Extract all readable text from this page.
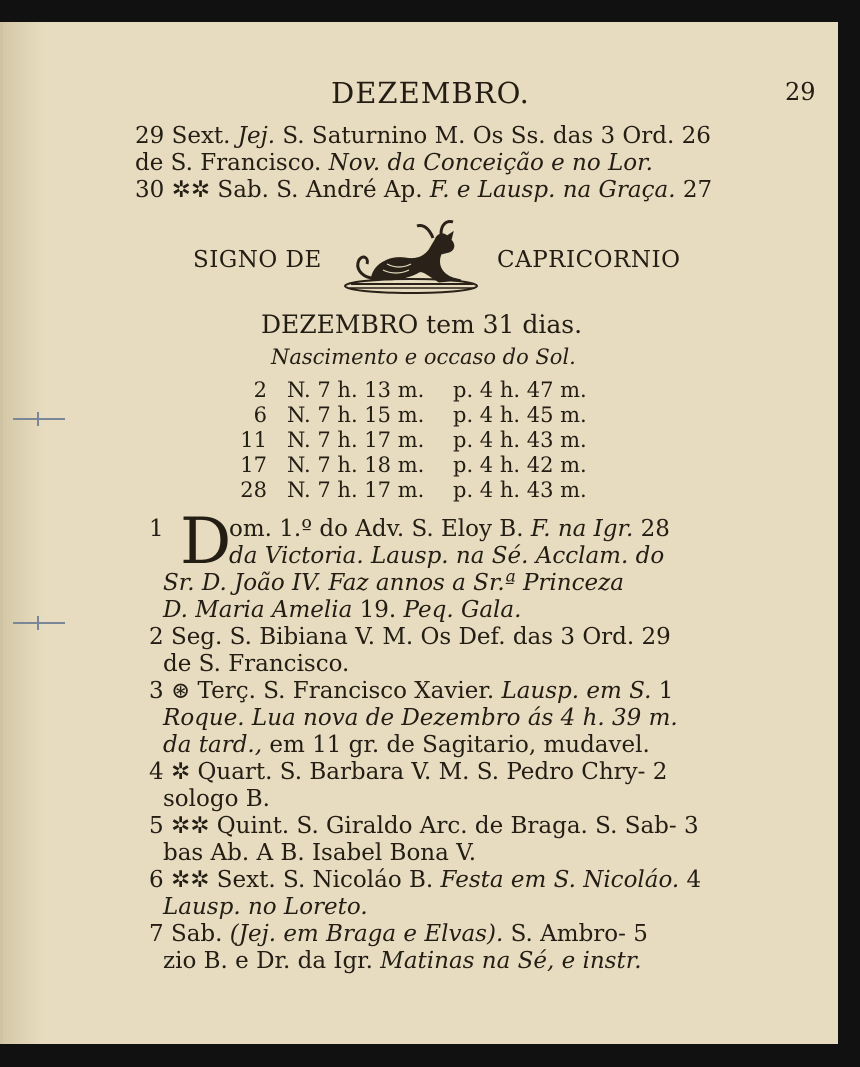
DEZEMBRO.	29
29 Sext. Jej. S. Saturnino M. Os Ss. das 3 Ord. 26
de S. Francisco. Nov. da Conceição e no Lor.
30 ✲✲ Sab. S. André Ap. F. e Lausp. na Graça. 27
SIGNO DE	CAPRICORNIO
DEZEMBRO tem 31 dias.
Nascimento e occaso do Sol.
2 N. 7 h. 13 m. p. 4 h. 47 m.
6 N. 7 h. 15 m. p. 4 h. 45 m.
11 N. 7 h. 17 m. p. 4 h. 43 m.
17 N. 7 h. 18 m. p. 4 h. 42 m.
28 N. 7 h. 17 m. p. 4 h. 43 m.
1 D
om. 1.º do Adv. S. Eloy B. F. na Igr. 28
da Victoria. Lausp. na Sé. Acclam. do
Sr. D. João IV. Faz annos a Sr.ª Princeza
D. Maria Amelia 19. Peq. Gala.
2 Seg. S. Bibiana V. M. Os Def. das 3 Ord. 29
de S. Francisco.
3 ⊛ Terç. S. Francisco Xavier. Lausp. em S. 1
Roque. Lua nova de Dezembro ás 4 h. 39 m.
da tard., em 11 gr. de Sagitario, mudavel.
4 ✲ Quart. S. Barbara V. M. S. Pedro Chry- 2
sologo B.
5 ✲✲ Quint. S. Giraldo Arc. de Braga. S. Sab- 3
bas Ab. A B. Isabel Bona V.
6 ✲✲ Sext. S. Nicoláo B. Festa em S. Nicoláo. 4
Lausp. no Loreto.
7 Sab. (Jej. em Braga e Elvas). S. Ambro- 5
zio B. e Dr. da Igr. Matinas na Sé, e instr.
